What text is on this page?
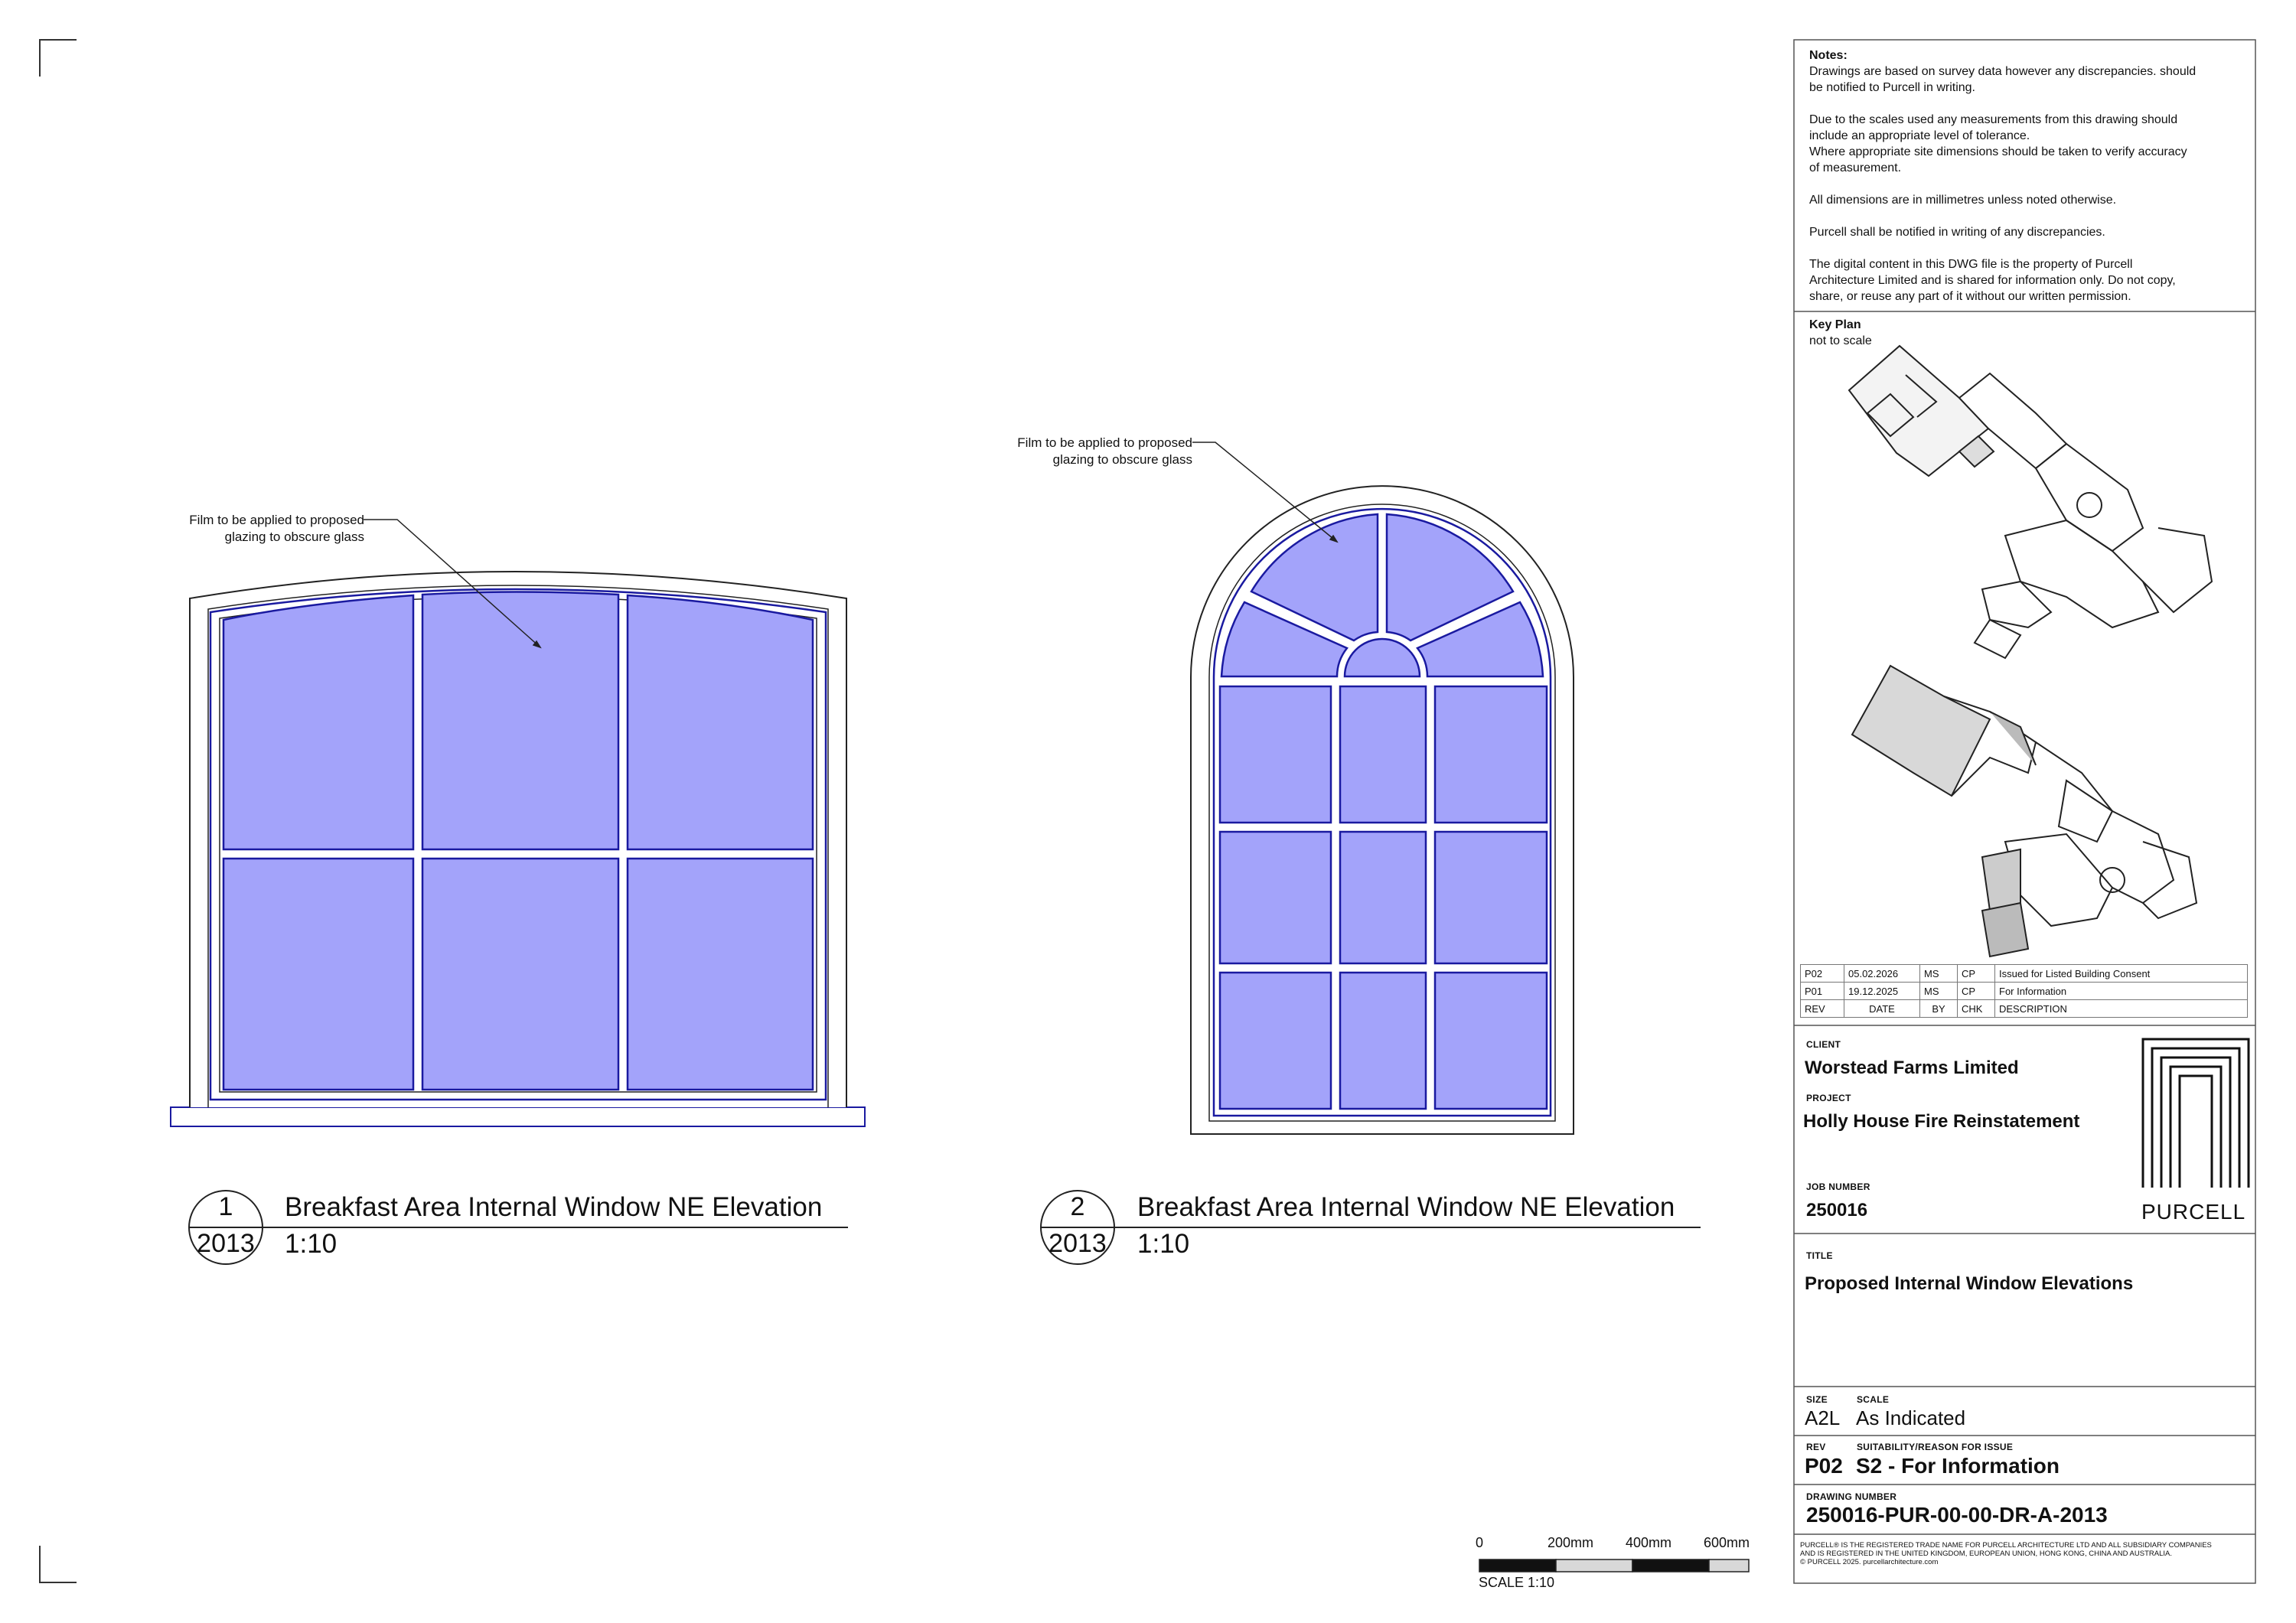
Film to be applied to proposed
glazing to obscure glass
Film to be applied to proposed
glazing to obscure glass
1
2013
Breakfast Area Internal Window NE Elevation
1:10
2
2013
Breakfast Area Internal Window NE Elevation
1:10
0	200mm 400mm 600mm
SCALE 1:10
Notes:
Drawings are based on survey data however any discrepancies. should
be notified to Purcell in writing.
Due to the scales used any measurements from this drawing should
include an appropriate level of tolerance.
Where appropriate site dimensions should be taken to verify accuracy
of measurement.
All dimensions are in millimetres unless noted otherwise.
Purcell shall be notified in writing of any discrepancies.
The digital content in this DWG file is the property of Purcell
Architecture Limited and is shared for information only. Do not copy,
share, or reuse any part of it without our written permission.
Key Plan
not to scale
P02	05.02.2026	MS	CP	Issued for Listed Building Consent
P01	19.12.2025	MS	CP	For Information
REV	DATE	BY	CHK	DESCRIPTION
CLIENT
Worstead Farms Limited
PROJECT
Holly House Fire Reinstatement
JOB NUMBER
250016	PURCELL
TITLE
Proposed Internal Window Elevations
SIZE
A2L
SCALE
As Indicated
REV
P02
SUITABILITY/REASON FOR ISSUE
S2 - For Information
DRAWING NUMBER
250016-PUR-00-00-DR-A-2013
PURCELL® IS THE REGISTERED TRADE NAME FOR PURCELL ARCHITECTURE LTD AND ALL SUBSIDIARY COMPANIES
AND IS REGISTERED IN THE UNITED KINGDOM, EUROPEAN UNION, HONG KONG, CHINA AND AUSTRALIA.
© PURCELL 2025. purcellarchitecture.com
